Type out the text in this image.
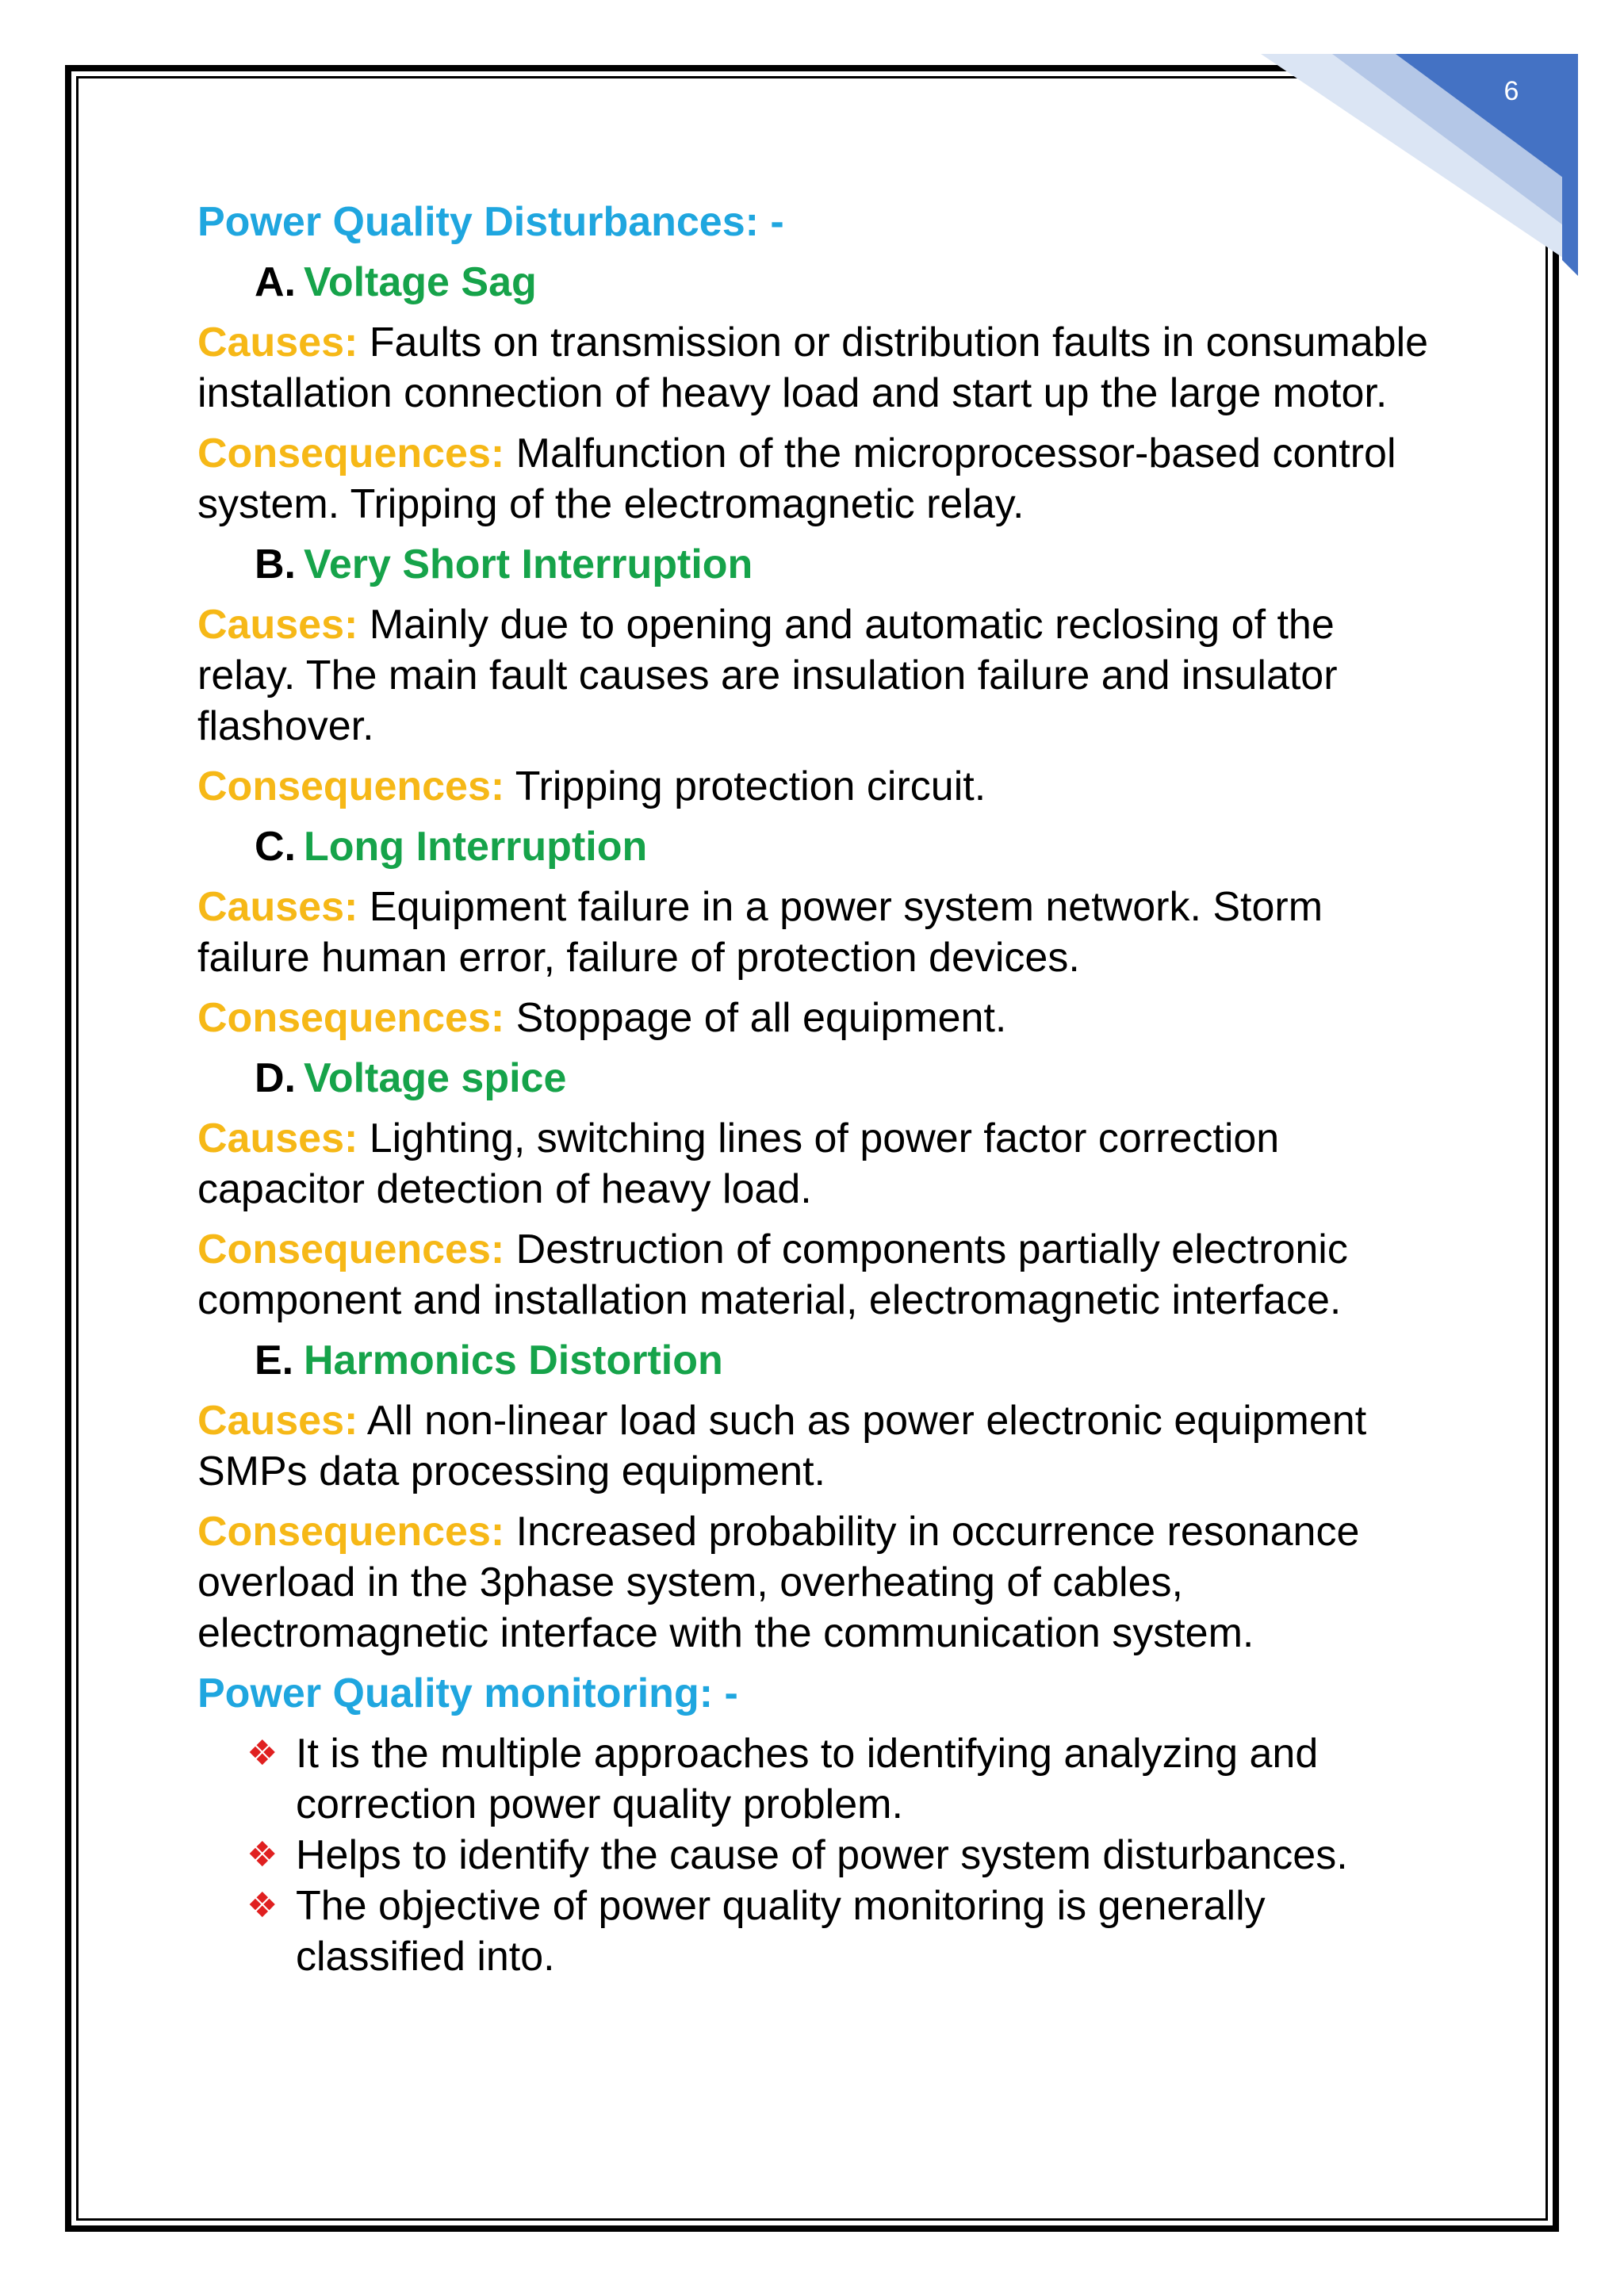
6
Power Quality Disturbances: -
A. Voltage Sag

Causes: Faults on transmission or distribution faults in consumable installation connection of heavy load and start up the large motor.

Consequences: Malfunction of the microprocessor-based control system. Tripping of the electromagnetic relay.

B. Very Short Interruption

Causes: Mainly due to opening and automatic reclosing of the relay. The main fault causes are insulation failure and insulator flashover.

Consequences: Tripping protection circuit.

C. Long Interruption

Causes: Equipment failure in a power system network. Storm failure human error, failure of protection devices.

Consequences: Stoppage of all equipment.

D. Voltage spice

Causes: Lighting, switching lines of power factor correction capacitor detection of heavy load.

Consequences: Destruction of components partially electronic component and installation material, electromagnetic interface.

E. Harmonics Distortion

Causes: All non-linear load such as power electronic equipment SMPs data processing equipment.

Consequences: Increased probability in occurrence resonance overload in the 3phase system, overheating of cables, electromagnetic interface with the communication system.

Power Quality monitoring: -
❖ It is the multiple approaches to identifying analyzing and correction power quality problem.
❖ Helps to identify the cause of power system disturbances.
❖ The objective of power quality monitoring is generally classified into.
